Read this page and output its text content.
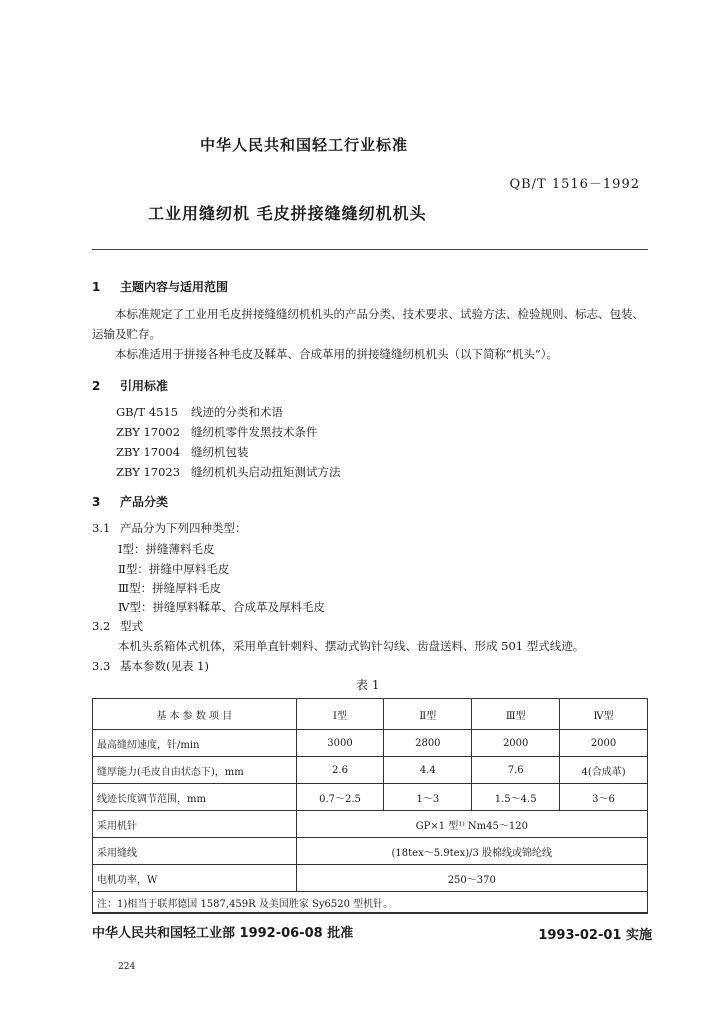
中华人民共和国轻工行业标准
QB/T 1516－1992
工业用缝纫机 毛皮拼接缝缝纫机机头
1 主题内容与适用范围
本标准规定了工业用毛皮拼接缝缝纫机机头的产品分类、技术要求、试验方法、检验规则、标志、包装、运输及贮存。
本标准适用于拼接各种毛皮及鞣革、合成革用的拼接缝缝纫机机头（以下简称“机头”）。
2 引用标准
GB/T 4515 线迹的分类和术语
ZBY 17002 缝纫机零件发黑技术条件
ZBY 17004 缝纫机包装
ZBY 17023 缝纫机机头启动扭矩测试方法
3 产品分类
3.1 产品分为下列四种类型：
Ⅰ型：拼缝薄料毛皮
Ⅱ型：拼缝中厚料毛皮
Ⅲ型：拼缝厚料毛皮
Ⅳ型：拼缝厚料鞣革、合成革及厚料毛皮
3.2 型式
本机头系箱体式机体，采用单直针刺料、摆动式钩针勾线、齿盘送料、形成 501 型式线迹。
3.3 基本参数(见表 1)
表 1
基 本 参 数 项 目	Ⅰ型	Ⅱ型	Ⅲ型	Ⅳ型
最高缝纫速度，针/min	3000	2800	2000	2000
缝厚能力(毛皮自由状态下)，mm	2.6	4.4	7.6	4(合成革)
线迹长度调节范围，mm	0.7～2.5	1～3	1.5～4.5	3～6
采用机针	GP×1 型¹⁾ Nm45～120			
采用缝线	(18tex～5.9tex)/3 股棉线或锦纶线			
电机功率，W	250～370			
注：1)相当于联邦德国 1587,459R 及美国胜家 Sy6520 型机针。				
中华人民共和国轻工业部 1992-06-08 批准	1993-02-01 实施
224
